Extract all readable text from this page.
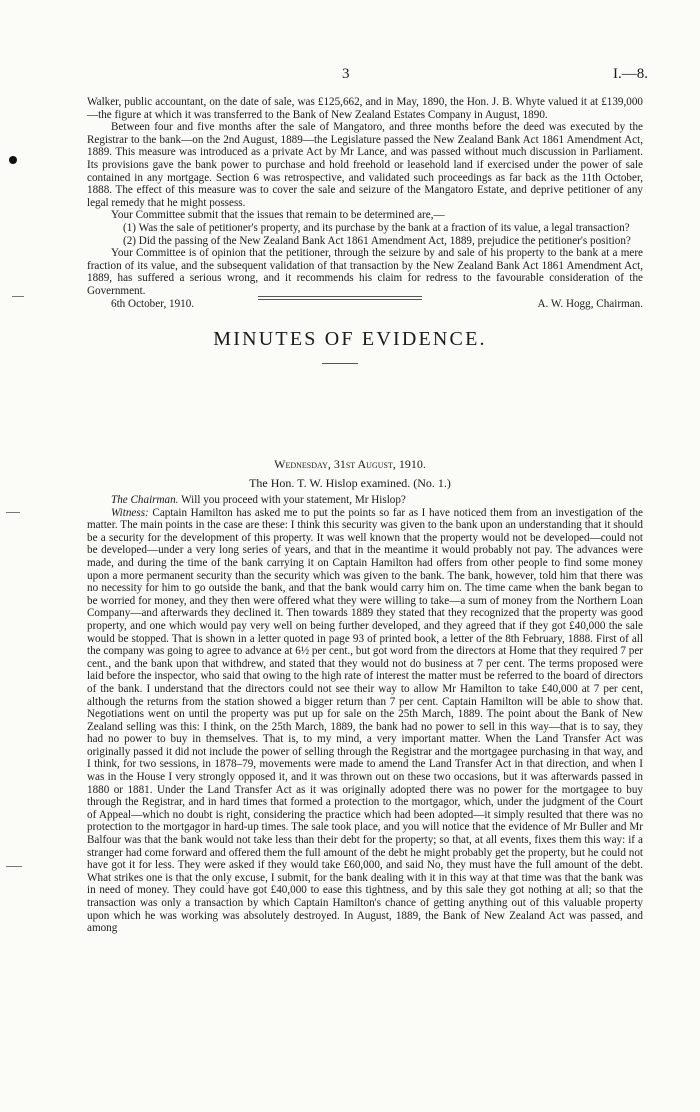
3	I.—8.

Walker, public accountant, on the date of sale, was £125,662, and in May, 1890, the Hon. J. B. Whyte valued it at £139,000—the figure at which it was transferred to the Bank of New Zealand Estates Company in August, 1890.

Between four and five months after the sale of Mangatoro, and three months before the deed was executed by the Registrar to the bank—on the 2nd August, 1889—the Legislature passed the New Zealand Bank Act 1861 Amendment Act, 1889. This measure was introduced as a private Act by Mr Lance, and was passed without much discussion in Parliament. Its provisions gave the bank power to purchase and hold freehold or leasehold land if exercised under the power of sale contained in any mortgage. Section 6 was retrospective, and validated such proceedings as far back as the 11th October, 1888. The effect of this measure was to cover the sale and seizure of the Mangatoro Estate, and deprive petitioner of any legal remedy that he might possess.

Your Committee submit that the issues that remain to be determined are,—

(1) Was the sale of petitioner's property, and its purchase by the bank at a fraction of its value, a legal transaction?

(2) Did the passing of the New Zealand Bank Act 1861 Amendment Act, 1889, prejudice the petitioner's position?

Your Committee is of opinion that the petitioner, through the seizure by and sale of his property to the bank at a mere fraction of its value, and the subsequent validation of that transaction by the New Zealand Bank Act 1861 Amendment Act, 1889, has suffered a serious wrong, and it recommends his claim for redress to the favourable consideration of the Government.

6th October, 1910.	A. W. Hogg, Chairman.
MINUTES OF EVIDENCE.
Wednesday, 31st August, 1910.
The Hon. T. W. Hislop examined. (No. 1.)

The Chairman. Will you proceed with your statement, Mr Hislop?

Witness: Captain Hamilton has asked me to put the points so far as I have noticed them from an investigation of the matter. The main points in the case are these: I think this security was given to the bank upon an understanding that it should be a security for the development of this property. It was well known that the property would not be developed—could not be developed—under a very long series of years, and that in the meantime it would probably not pay. The advances were made, and during the time of the bank carrying it on Captain Hamilton had offers from other people to find some money upon a more permanent security than the security which was given to the bank. The bank, however, told him that there was no necessity for him to go outside the bank, and that the bank would carry him on. The time came when the bank began to be worried for money, and they then were offered what they were willing to take—a sum of money from the Northern Loan Company—and afterwards they declined it. Then towards 1889 they stated that they recognized that the property was good property, and one which would pay very well on being further developed, and they agreed that if they got £40,000 the sale would be stopped. That is shown in a letter quoted in page 93 of printed book, a letter of the 8th February, 1888. First of all the company was going to agree to advance at 6½ per cent., but got word from the directors at Home that they required 7 per cent., and the bank upon that withdrew, and stated that they would not do business at 7 per cent. The terms proposed were laid before the inspector, who said that owing to the high rate of interest the matter must be referred to the board of directors of the bank. I understand that the directors could not see their way to allow Mr Hamilton to take £40,000 at 7 per cent, although the returns from the station showed a bigger return than 7 per cent. Captain Hamilton will be able to show that. Negotiations went on until the property was put up for sale on the 25th March, 1889. The point about the Bank of New Zealand selling was this: I think, on the 25th March, 1889, the bank had no power to sell in this way—that is to say, they had no power to buy in themselves. That is, to my mind, a very important matter. When the Land Transfer Act was originally passed it did not include the power of selling through the Registrar and the mortgagee purchasing in that way, and I think, for two sessions, in 1878–79, movements were made to amend the Land Transfer Act in that direction, and when I was in the House I very strongly opposed it, and it was thrown out on these two occasions, but it was afterwards passed in 1880 or 1881. Under the Land Transfer Act as it was originally adopted there was no power for the mortgagee to buy through the Registrar, and in hard times that formed a protection to the mortgagor, which, under the judgment of the Court of Appeal—which no doubt is right, considering the practice which had been adopted—it simply resulted that there was no protection to the mortgagor in hard-up times. The sale took place, and you will notice that the evidence of Mr Buller and Mr Balfour was that the bank would not take less than their debt for the property; so that, at all events, fixes them this way: if a stranger had come forward and offered them the full amount of the debt he might probably get the property, but he could not have got it for less. They were asked if they would take £60,000, and said No, they must have the full amount of the debt. What strikes one is that the only excuse, I submit, for the bank dealing with it in this way at that time was that the bank was in need of money. They could have got £40,000 to ease this tightness, and by this sale they got nothing at all; so that the transaction was only a transaction by which Captain Hamilton's chance of getting anything out of this valuable property upon which he was working was absolutely destroyed. In August, 1889, the Bank of New Zealand Act was passed, and among
